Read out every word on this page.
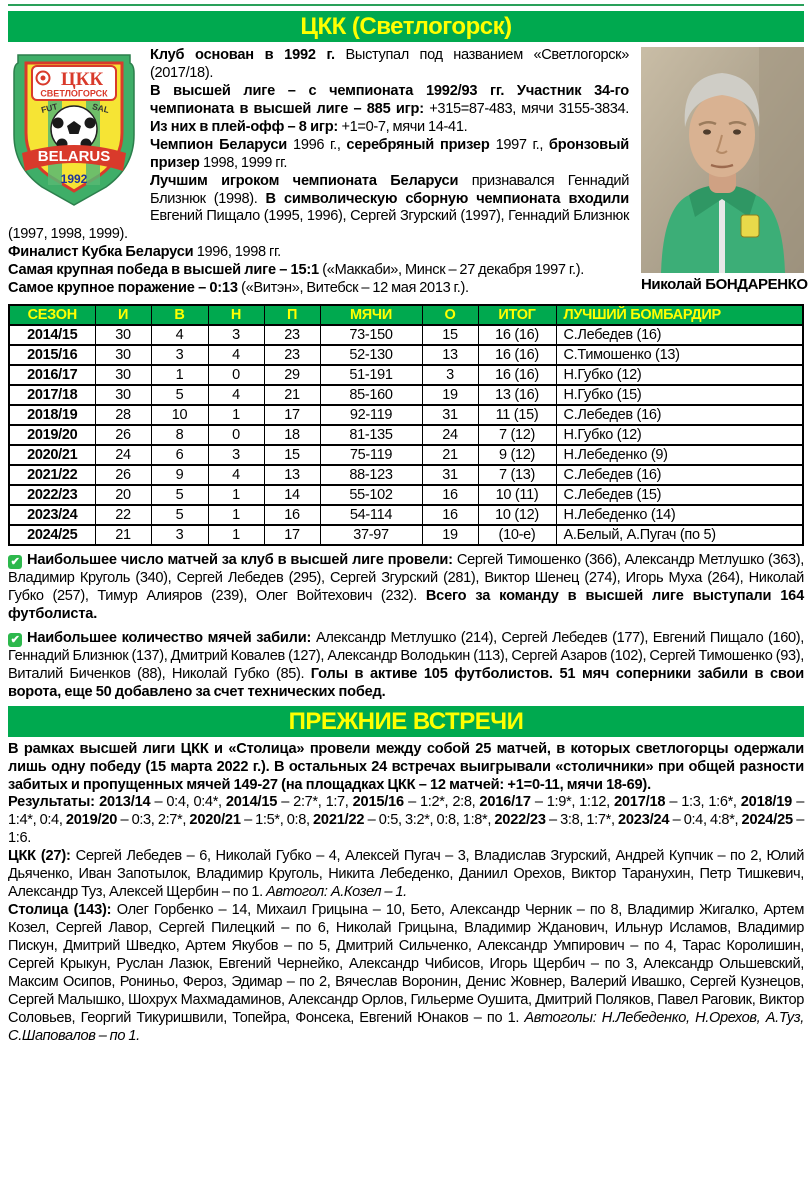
ЦКК (Светлогорск)
ЦКК
СВЕТЛОГОРСК
FUT	SAL
BELARUS
1992
Николай БОНДАРЕНКО

Клуб основан в 1992 г. Выступал под названием «Светлогорск» (2017/18).

В высшей лиге – с чемпионата 1992/93 гг. Участник 34-го чемпионата в высшей лиге – 885 игр: +315=87-483, мячи 3155-3834. Из них в плей-офф – 8 игр: +1=0-7, мячи 14-41.

Чемпион Беларуси 1996 г., серебряный призер 1997 г., бронзовый призер 1998, 1999 гг.

Лучшим игроком чемпионата Беларуси признавался Геннадий Близнюк (1998). В символическую сборную чемпионата входили Евгений Пищало (1995, 1996), Сергей Згурский (1997), Геннадий Близнюк (1997, 1998, 1999).

Финалист Кубка Беларуси 1996, 1998 гг.

Самая крупная победа в высшей лиге – 15:1 («Маккаби», Минск – 27 декабря 1997 г.).

Самое крупное поражение – 0:13 («Витэн», Витебск – 12 мая 2013 г.).

СЕЗОН	И	В	Н	П	МЯЧИ	О	ИТОГ	ЛУЧШИЙ БОМБАРДИР
2014/15	30	4	3	23	73-150	15	16 (16)	С.Лебедев (16)
2015/16	30	3	4	23	52-130	13	16 (16)	С.Тимошенко (13)
2016/17	30	1	0	29	51-191	3	16 (16)	Н.Губко (12)
2017/18	30	5	4	21	85-160	19	13 (16)	Н.Губко (15)
2018/19	28	10	1	17	92-119	31	11 (15)	С.Лебедев (16)
2019/20	26	8	0	18	81-135	24	7 (12)	Н.Губко (12)
2020/21	24	6	3	15	75-119	21	9 (12)	Н.Лебеденко (9)
2021/22	26	9	4	13	88-123	31	7 (13)	С.Лебедев (16)
2022/23	20	5	1	14	55-102	16	10 (11)	С.Лебедев (15)
2023/24	22	5	1	16	54-114	16	10 (12)	Н.Лебеденко (14)
2024/25	21	3	1	17	37-97	19	(10-е)	А.Белый, А.Пугач (по 5)

✔ Наибольшее число матчей за клуб в высшей лиге провели: Сергей Тимошенко (366), Александр Метлушко (363), Владимир Круголь (340), Сергей Лебедев (295), Сергей Згурский (281), Виктор Шенец (274), Игорь Муха (264), Николай Губко (257), Тимур Алияров (239), Олег Войтехович (232). Всего за команду в высшей лиге выступали 164 футболиста.

✔ Наибольшее количество мячей забили: Александр Метлушко (214), Сергей Лебедев (177), Евгений Пищало (160), Геннадий Близнюк (137), Дмитрий Ковалев (127), Александр Володькин (113), Сергей Азаров (102), Сергей Тимошенко (93), Виталий Биченков (88), Николай Губко (85). Голы в активе 105 футболистов. 51 мяч соперники забили в свои ворота, еще 50 добавлено за счет технических побед.

ПРЕЖНИЕ ВСТРЕЧИ

В рамках высшей лиги ЦКК и «Столица» провели между собой 25 матчей, в которых светлогорцы одержали лишь одну победу (15 марта 2022 г.). В остальных 24 встречах выигрывали «столичники» при общей разности забитых и пропущенных мячей 149-27 (на площадках ЦКК – 12 матчей: +1=0-11, мячи 18-69).

Результаты: 2013/14 – 0:4, 0:4*, 2014/15 – 2:7*, 1:7, 2015/16 – 1:2*, 2:8, 2016/17 – 1:9*, 1:12, 2017/18 – 1:3, 1:6*, 2018/19 – 1:4*, 0:4, 2019/20 – 0:3, 2:7*, 2020/21 – 1:5*, 0:8, 2021/22 – 0:5, 3:2*, 0:8, 1:8*, 2022/23 – 3:8, 1:7*, 2023/24 – 0:4, 4:8*, 2024/25 – 1:6.

ЦКК (27): Сергей Лебедев – 6, Николай Губко – 4, Алексей Пугач – 3, Владислав Згурский, Андрей Купчик – по 2, Юлий Дьяченко, Иван Запотылок, Владимир Круголь, Никита Лебеденко, Даниил Орехов, Виктор Таранухин, Петр Тишкевич, Александр Туз, Алексей Щербин – по 1. Автогол: А.Козел – 1.

Столица (143): Олег Горбенко – 14, Михаил Грицына – 10, Бето, Александр Черник – по 8, Владимир Жигалко, Артем Козел, Сергей Лавор, Сергей Пилецкий – по 6, Николай Грицына, Владимир Жданович, Ильнур Исламов, Владимир Пискун, Дмитрий Шведко, Артем Якубов – по 5, Дмитрий Сильченко, Александр Умпирович – по 4, Тарас Королишин, Сергей Крыкун, Руслан Лазюк, Евгений Чернейко, Александр Чибисов, Игорь Щербич – по 3, Александр Ольшевский, Максим Осипов, Рониньо, Фероз, Эдимар – по 2, Вячеслав Воронин, Денис Жовнер, Валерий Ивашко, Сергей Кузнецов, Сергей Малышко, Шохрух Махмадаминов, Александр Орлов, Гильерме Оушита, Дмитрий Поляков, Павел Раговик, Виктор Соловьев, Георгий Тикуришвили, Топейра, Фонсека, Евгений Юнаков – по 1. Автоголы: Н.Лебеденко, Н.Орехов, А.Туз, С.Шаповалов – по 1.
